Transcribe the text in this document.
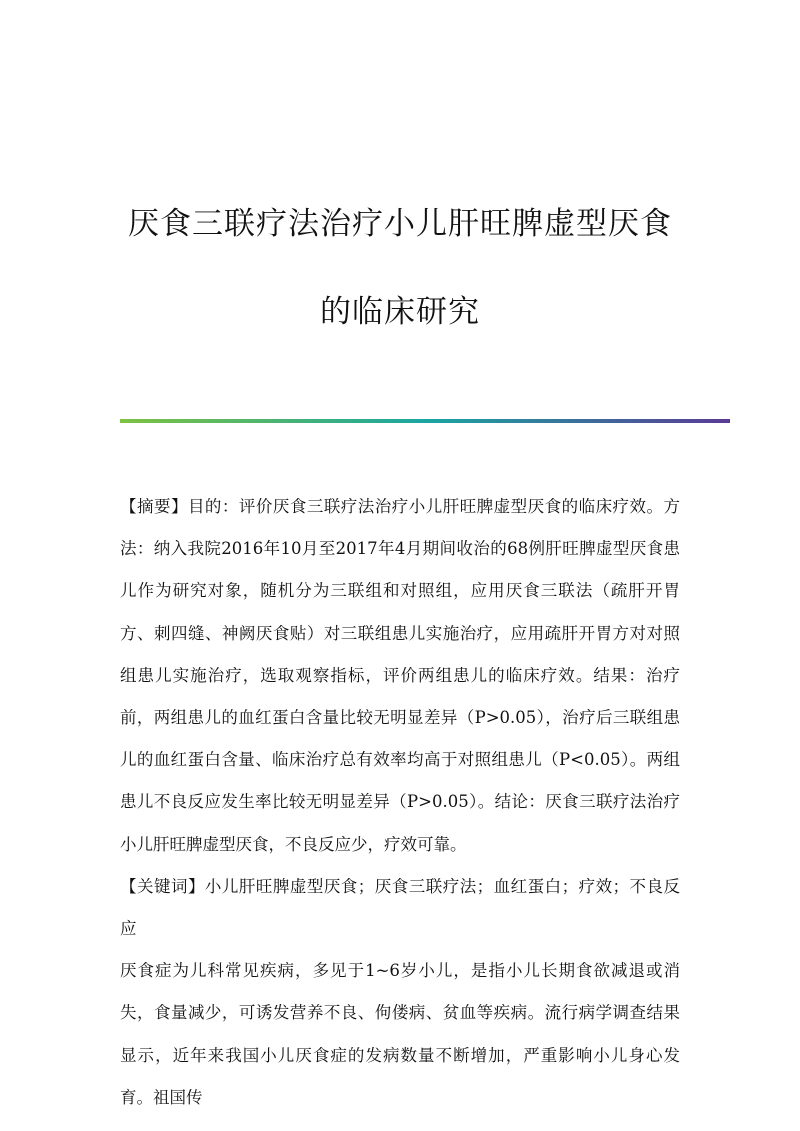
厌食三联疗法治疗小儿肝旺脾虚型厌食
的临床研究

【摘要】目的：评价厌食三联疗法治疗小儿肝旺脾虚型厌食的临床疗效。方法：纳入我院2016年10月至2017年4月期间收治的68例肝旺脾虚型厌食患儿作为研究对象，随机分为三联组和对照组，应用厌食三联法（疏肝开胃方、刺四缝、神阙厌食贴）对三联组患儿实施治疗，应用疏肝开胃方对对照组患儿实施治疗，选取观察指标，评价两组患儿的临床疗效。结果：治疗前，两组患儿的血红蛋白含量比较无明显差异（P>0.05），治疗后三联组患儿的血红蛋白含量、临床治疗总有效率均高于对照组患儿（P<0.05）。两组患儿不良反应发生率比较无明显差异（P>0.05）。结论：厌食三联疗法治疗小儿肝旺脾虚型厌食，不良反应少，疗效可靠。

【关键词】小儿肝旺脾虚型厌食；厌食三联疗法；血红蛋白；疗效；不良反应

厌食症为儿科常见疾病，多见于1~6岁小儿，是指小儿长期食欲减退或消失，食量减少，可诱发营养不良、佝偻病、贫血等疾病。流行病学调查结果显示，近年来我国小儿厌食症的发病数量不断增加，严重影响小儿身心发育。祖国传
